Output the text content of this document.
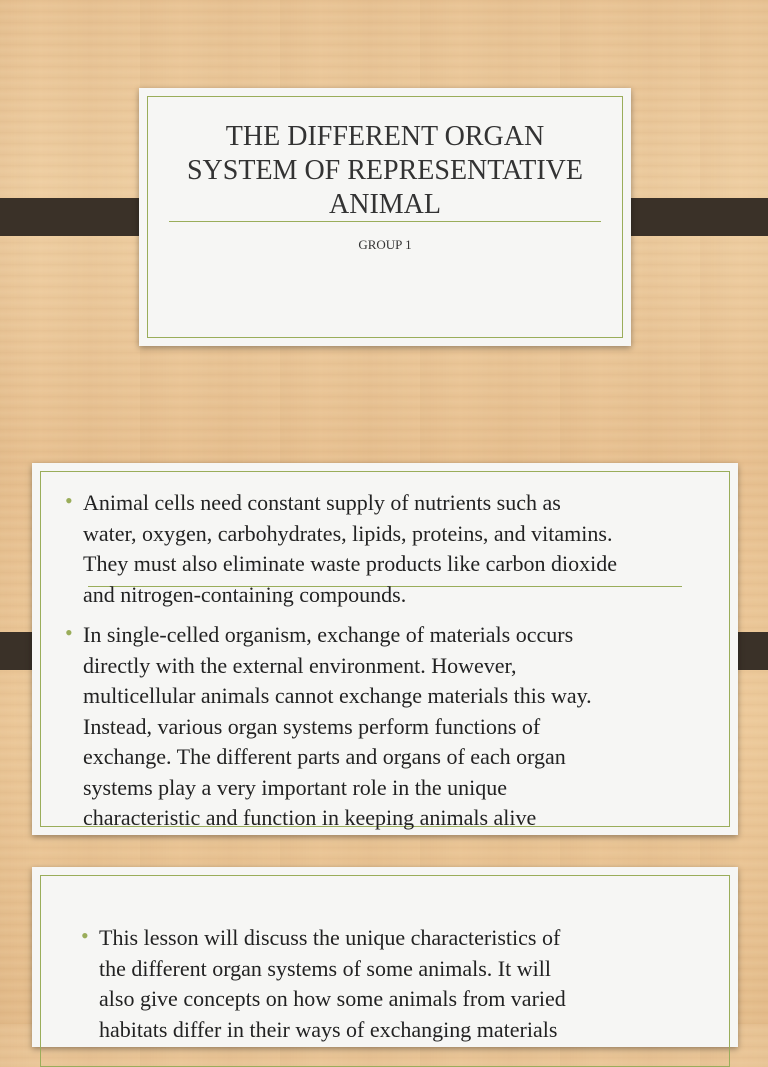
THE DIFFERENT ORGAN
SYSTEM OF REPRESENTATIVE
ANIMAL
GROUP 1
• Animal cells need constant supply of nutrients such as
water, oxygen, carbohydrates, lipids, proteins, and vitamins.
They must also eliminate waste products like carbon dioxide
and nitrogen-containing compounds.
• In single-celled organism, exchange of materials occurs
directly with the external environment. However,
multicellular animals cannot exchange materials this way.
Instead, various organ systems perform functions of
exchange. The different parts and organs of each organ
systems play a very important role in the unique
characteristic and function in keeping animals alive
• This lesson will discuss the unique characteristics of
the different organ systems of some animals. It will
also give concepts on how some animals from varied
habitats differ in their ways of exchanging materials
